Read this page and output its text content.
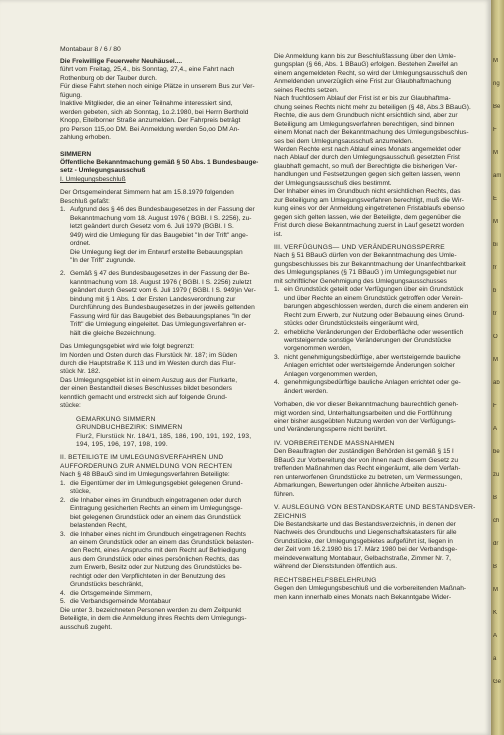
M
ng
Be
F
M
am
E
M
bi
fr
b
tr
O
M
ab
F
A
be
zu
B
ch
dr
B
M
K
A
a
Ge
Montabaur 8 / 6 / 80

Die Freiwillige Feuerwehr Neuhäusel....

führt vom Freitag, 25,4., bis Sonntag, 27,4., eine Fahrt nach

Rothenburg ob der Tauber durch.

Für diese Fahrt stehen noch einige Plätze in unserem Bus zur Ver-

fügung.

Inaktive Mitglieder, die an einer Teilnahme interessiert sind,

werden gebeten, sich ab Sonntag, 1o.2.1980, bei Herrn Berthold

Knopp, Eitelborner Straße anzumelden. Der Fahrpreis beträgt

pro Person 115,oo DM. Bei Anmeldung werden 5o,oo DM An-

zahlung erhoben.

SIMMERN

Öffentliche Bekanntmachung gemäß § 50 Abs. 1 Bundesbauge-

setz - Umlegungsausschuß

I. Umlegungsbeschluß

Der Ortsgemeinderat Simmern hat am 15.8.1979 folgenden

Beschluß gefaßt:

1. Aufgrund des § 46 des Bundesbaugesetzes in der Fassung der

Bekanntmachung vom 18. August 1976 ( BGBl. I S. 2256), zu-

letzt geändert durch Gesetz vom 6. Juli 1979 (BGBl. I S.

949) wird die Umlegung für das Baugebiet "In der Trift" ange-

ordnet.

Die Umlegung liegt der im Entwurf erstellte Bebauungsplan

"In der Trift" zugrunde.

2. Gemäß § 47 des Bundesbaugesetzes in der Fassung der Be-

kanntmachung vom 18. August 1976 ( BGBl. I S. 2256) zuletzt

geändert durch Gesetz vom 6. Juli 1979 ( BGBl. I S. 949)in Ver-

bindung mit § 1 Abs. 1 der Ersten Landesverordnung zur

Durchführung des Bundesbaugesetzes in der jeweils geltenden

Fassung wird für das Baugebiet des Bebauungsplanes "In der

Trift" die Umlegung eingeleitet. Das Umlegungsverfahren er-

hält die gleiche Bezeichnung.

Das Umlegungsgebiet wird wie folgt begrenzt:

Im Norden und Osten durch das Flurstück Nr. 187; im Süden

durch die Hauptstraße K 113 und im Westen durch das Flur-

stück Nr. 182.

Das Umlegungsgebiet ist in einem Auszug aus der Flurkarte,

der einen Bestandteil dieses Beschlusses bildet besonders

kenntlich gemacht und erstreckt sich auf folgende Grund-

stücke:

GEMARKUNG SIMMERN

GRUNDBUCHBEZIRK: SIMMERN

Flur2, Flurstück Nr. 184/1, 185, 186, 190, 191, 192, 193,

194, 195, 196, 197, 198, 199.

II. BETEILIGTE IM UMLEGUNGSVERFAHREN UND

AUFFORDERUNG ZUR ANMELDUNG VON RECHTEN

Nach § 48 BBauG sind im Umlegungsverfahren Beteiligte:

1. die Eigentümer der im Umlegungsgebiet gelegenen Grund-

stücke,

2. die Inhaber eines im Grundbuch eingetragenen oder durch

Eintragung gesicherten Rechts an einem im Umlegungsge-

biet gelegenen Grundstück oder an einem das Grundstück

belastenden Recht,

3. die Inhaber eines nicht im Grundbuch eingetragenen Rechts

an einem Grundstück oder an einem das Grundstück belasten-

den Recht, eines Anspruchs mit dem Recht auf Befriedigung

aus dem Grundstück oder eines persönlichen Rechts, das

zum Erwerb, Besitz oder zur Nutzung des Grundstücks be-

rechtigt oder den Verpflichteten in der Benutzung des

Grundstücks beschränkt,

4. die Ortsgemeinde Simmern,

5. die Verbandsgemeinde Montabaur

Die unter 3. bezeichneten Personen werden zu dem Zeitpunkt

Beteiligte, in dem die Anmeldung ihres Rechts dem Umlegungs-

ausschuß zugeht.

Die Anmeldung kann bis zur Beschlußfassung über den Umle-

gungsplan (§ 66, Abs. 1 BBauG) erfolgen. Bestehen Zweifel an

einem angemeldeten Recht, so wird der Umlegungsausschuß den

Anmeldenden unverzüglich eine Frist zur Glaubhaftmachung

seines Rechts setzen.

Nach fruchtlosem Ablauf der Frist ist er bis zur Glaubhaftma-

chung seines Rechts nicht mehr zu beteiligen (§ 48, Abs.3 BBauG).

Rechte, die aus dem Grundbuch nicht ersichtlich sind, aber zur

Beteiligung am Umlegungsverfahren berechtigen, sind binnen

einem Monat nach der Bekanntmachung des Umlegungsbeschlus-

ses bei dem Umlegungsausschuß anzumelden.

Werden Rechte erst nach Ablauf eines Monats angemeldet oder

nach Ablauf der durch den Umlegungsausschuß gesetzten Frist

glaubhaft gemacht, so muß der Berechtigte die bisherigen Ver-

handlungen und Festsetzungen gegen sich gelten lassen, wenn

der Umlegungsausschuß dies bestimmt.

Der Inhaber eines im Grundbuch nicht ersichtlichen Rechts, das

zur Beteiligung am Umlegungsverfahren berechtigt, muß die Wir-

kung eines vor der Anmeldung eingetretenen Fristablaufs ebenso

gegen sich gelten lassen, wie der Beteiligte, dem gegenüber die

Frist durch diese Bekanntmachung zuerst in Lauf gesetzt worden

ist.

III. VERFÜGUNGS— UND VERÄNDERUNGSSPERRE

Nach § 51 BBauG dürfen von der Bekanntmachung des Umle-

gungsbeschlusses bis zur Bekanntmachung der Unanfechtbarkeit

des Umlegungsplanes (§ 71 BBauG ) im Umlegungsgebiet nur

mit schriftlicher Genehmigung des Umlegungsausschusses

1. ein Grundstück geteilt oder Verfügungen über ein Grundstück

und über Rechte an einem Grundstück getroffen oder Verein-

barungen abgeschlossen werden, durch die einem anderen ein

Recht zum Erwerb, zur Nutzung oder Bebauung eines Grund-

stücks oder Grundstücksteils eingeräumt wird,

2. erhebliche Veränderungen der Erdoberfläche oder wesentlich

wertsteigernde sonstige Veränderungen der Grundstücke

vorgenommen werden,

3. nicht genehmigungsbedürftige, aber wertsteigernde bauliche

Anlagen errichtet oder wertsteigernde Änderungen solcher

Anlagen vorgenommen werden,

4. genehmigungsbedürftige bauliche Anlagen errichtet oder ge-

ändert werden.

Vorhaben, die vor dieser Bekanntmachung baurechtlich geneh-

migt worden sind, Unterhaltungsarbeiten und die Fortführung

einer bisher ausgeübten Nutzung werden von der Verfügungs-

und Veränderungssperre nicht berührt.

IV. VORBEREITENDE MASSNAHMEN

Den Beauftragten der zuständigen Behörden ist gemäß § 15 l

BBauG zur Vorbereitung der von ihnen nach diesem Gesetz zu

treffenden Maßnahmen das Recht eingeräumt, alle dem Verfah-

ren unterworfenen Grundstücke zu betreten, um Vermessungen,

Abmarkungen, Bewertungen oder ähnliche Arbeiten auszu-

führen.

V. AUSLEGUNG VON BESTANDSKARTE UND BESTANDSVER-

ZEICHNIS

Die Bestandskarte und das Bestandsverzeichnis, in denen der

Nachweis des Grundbuchs und Liegenschaftskatasters für alle

Grundstücke, der Umlegungsgebietes aufgeführt ist, liegen in

der Zeit vom 16.2.1980 bis 17. März 1980 bei der Verbandsge-

meindeverwaltung Montabaur, Gelbachstraße, Zimmer Nr. 7,

während der Dienststunden öffentlich aus.

RECHTSBEHELFSBELEHRUNG

Gegen den Umlegungsbeschluß und die vorbereitenden Maßnah-

men kann innerhalb eines Monats nach Bekanntgabe Wider-
